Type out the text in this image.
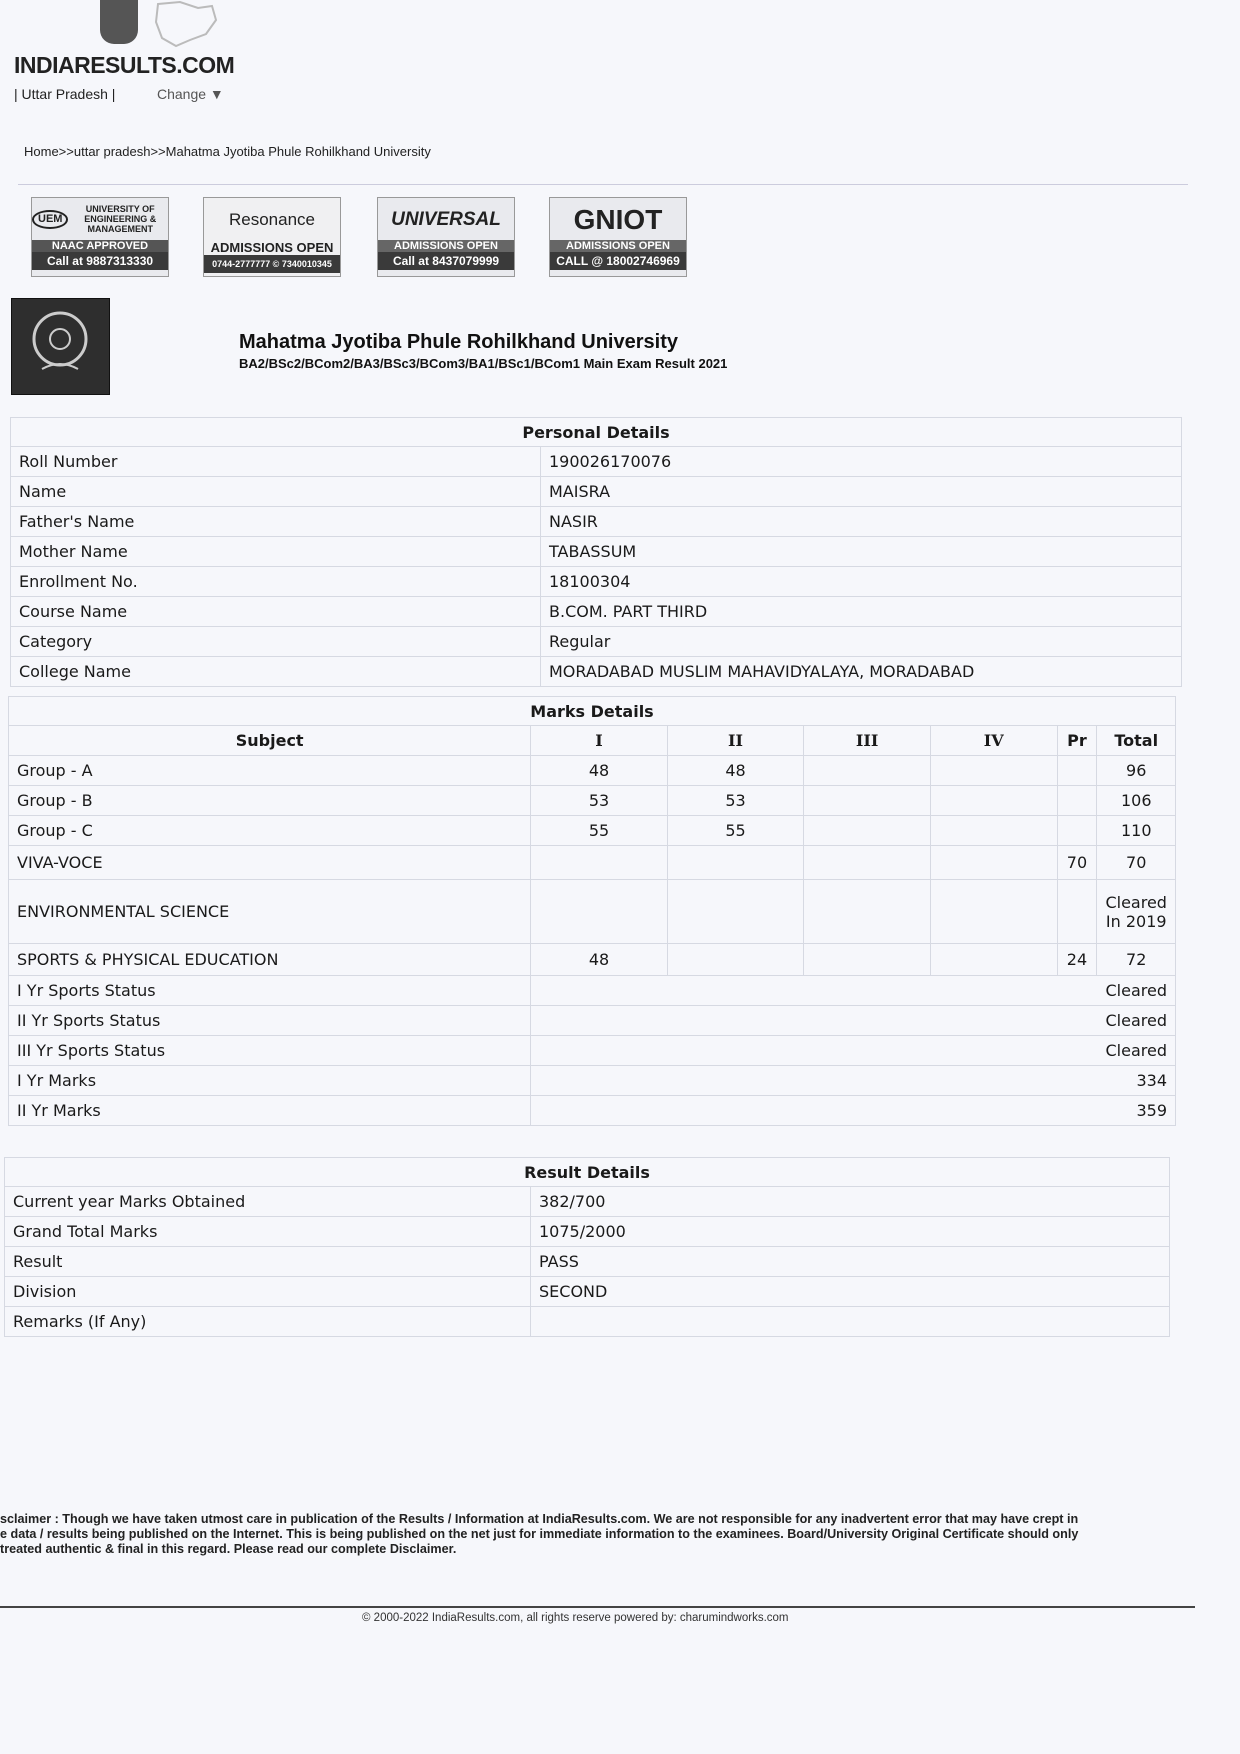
INDIARESULTS.COM
| Uttar Pradesh |	Change ▼
Home>>uttar pradesh>>Mahatma Jyotiba Phule Rohilkhand University
UEM
UNIVERSITY OF ENGINEERING & MANAGEMENT
NAAC APPROVED
Call at 9887313330
Resonance
ADMISSIONS OPEN
0744-2777777 © 7340010345
UNIVERSAL
ADMISSIONS OPEN
Call at 8437079999
GNIOT
ADMISSIONS OPEN
CALL @ 18002746969
Mahatma Jyotiba Phule Rohilkhand University
BA2/BSc2/BCom2/BA3/BSc3/BCom3/BA1/BSc1/BCom1 Main Exam Result 2021
Personal Details	
Roll Number	190026170076
Name	MAISRA
Father's Name	NASIR
Mother Name	TABASSUM
Enrollment No.	18100304
Course Name	B.COM. PART THIRD
Category	Regular
College Name	MORADABAD MUSLIM MAHAVIDYALAYA, MORADABAD
Marks Details						
Subject	I	II	III	IV	Pr	Total
Group - A	48	48				96
Group - B	53	53				106
Group - C	55	55				110
VIVA-VOCE					70	70
ENVIRONMENTAL SCIENCE						Cleared In 2019
SPORTS & PHYSICAL EDUCATION	48				24	72
I Yr Sports Status	Cleared					
II Yr Sports Status	Cleared					
III Yr Sports Status	Cleared					
I Yr Marks	334					
II Yr Marks	359					
Result Details	
Current year Marks Obtained	382/700
Grand Total Marks	1075/2000
Result	PASS
Division	SECOND
Remarks (If Any)	
sclaimer : Though we have taken utmost care in publication of the Results / Information at IndiaResults.com. We are not responsible for any inadvertent error that may have crept in
e data / results being published on the Internet. This is being published on the net just for immediate information to the examinees. Board/University Original Certificate should only
treated authentic & final in this regard. Please read our complete Disclaimer.
© 2000-2022 IndiaResults.com, all rights reserve powered by: charumindworks.com
